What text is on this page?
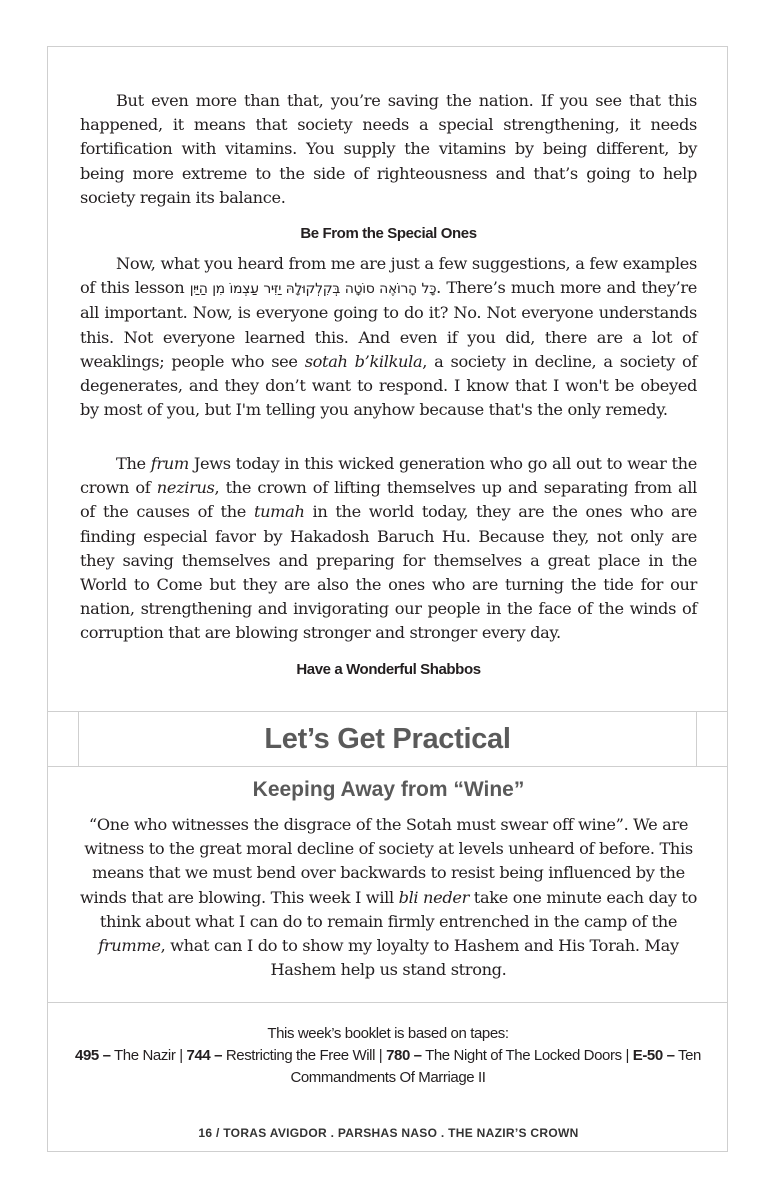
But even more than that, you’re saving the nation. If you see that this happened, it means that society needs a special strengthening, it needs fortification with vitamins. You supply the vitamins by being different, by being more extreme to the side of righteousness and that’s going to help society regain its balance.

Be From the Special Ones

Now, what you heard from me are just a few suggestions, a few examples of this lesson כָּל הָרוֹאֶה סוֹטָה בְּקִלְקוּלָהּ יַזִּיר עַצְמוֹ מִן הַיַּיִן. There’s much more and they’re all important. Now, is everyone going to do it? No. Not everyone understands this. Not everyone learned this. And even if you did, there are a lot of weaklings; people who see sotah b’kilkula, a society in decline, a society of degenerates, and they don’t want to respond. I know that I won't be obeyed by most of you, but I'm telling you anyhow because that's the only remedy.

The frum Jews today in this wicked generation who go all out to wear the crown of nezirus, the crown of lifting themselves up and separating from all of the causes of the tumah in the world today, they are the ones who are finding especial favor by Hakadosh Baruch Hu. Because they, not only are they saving themselves and preparing for themselves a great place in the World to Come but they are also the ones who are turning the tide for our nation, strengthening and invigorating our people in the face of the winds of corruption that are blowing stronger and stronger every day.

Have a Wonderful Shabbos
Let’s Get Practical
Keeping Away from “Wine”

“One who witnesses the disgrace of the Sotah must swear off wine”. We are witness to the great moral decline of society at levels unheard of before. This means that we must bend over backwards to resist being influenced by the winds that are blowing. This week I will bli neder take one minute each day to think about what I can do to remain firmly entrenched in the camp of the frumme, what can I do to show my loyalty to Hashem and His Torah. May Hashem help us stand strong.

This week’s booklet is based on tapes:
495 – The Nazir | 744 – Restricting the Free Will | 780 – The Night of The Locked Doors | E-50 – Ten Commandments Of Marriage II
16 / TORAS AVIGDOR . PARSHAS NASO . THE NAZIR’S CROWN
